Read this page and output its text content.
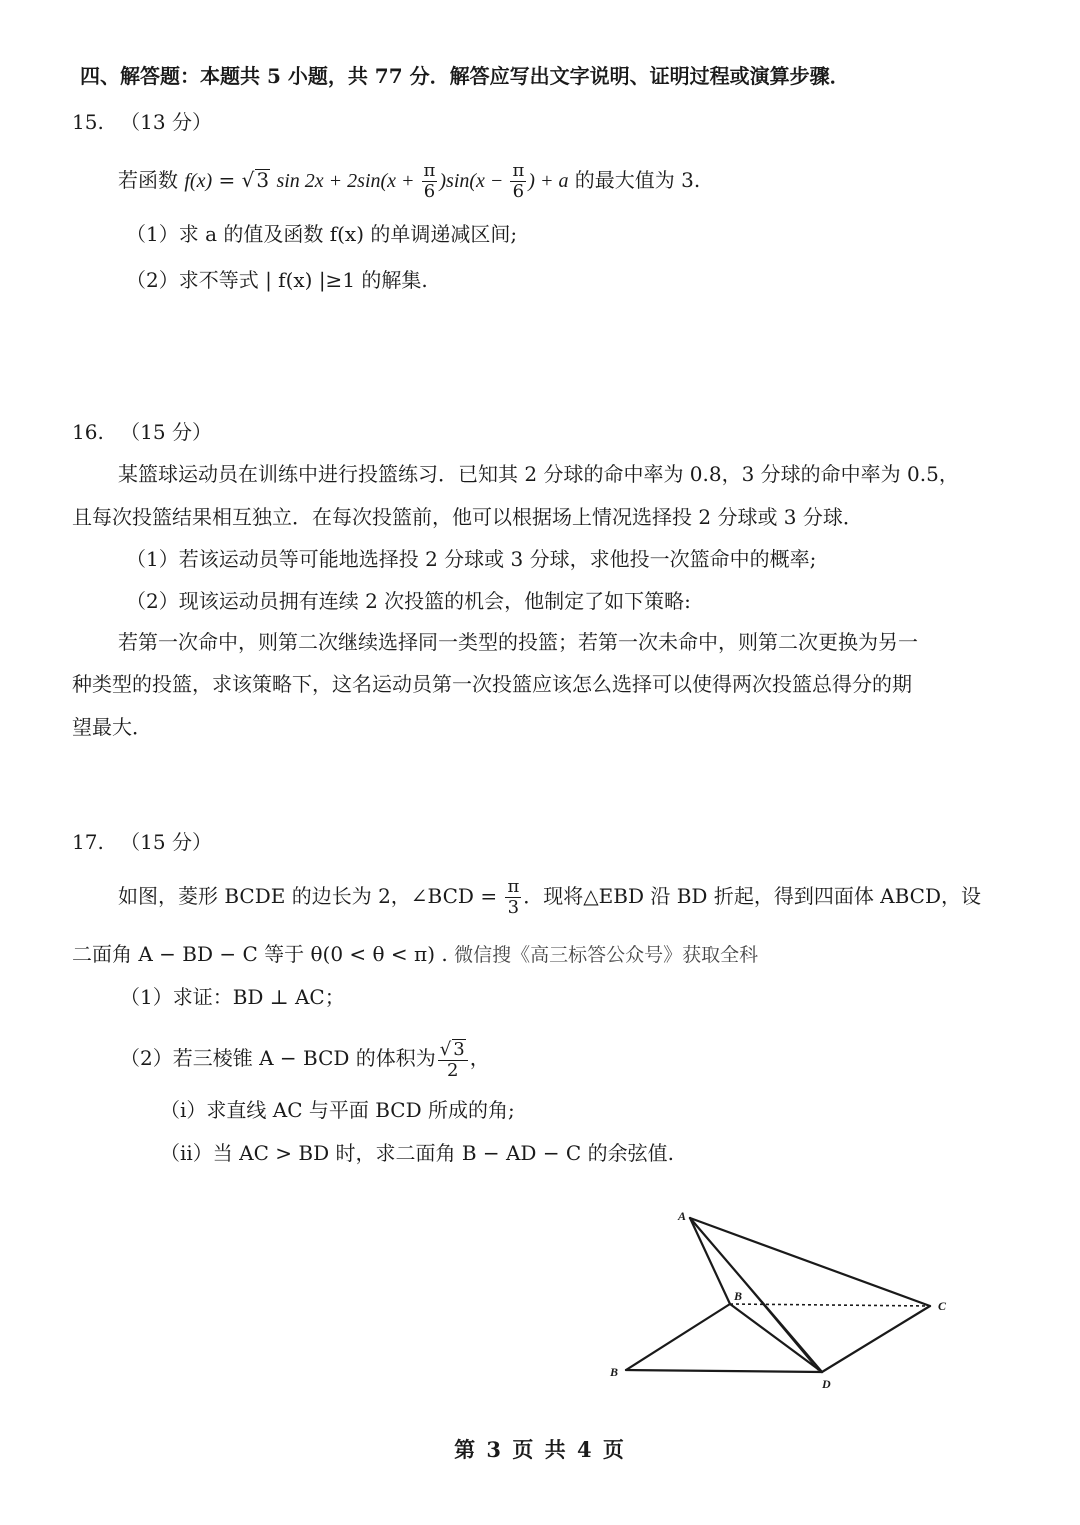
四、解答题：本题共 5 小题，共 77 分．解答应写出文字说明、证明过程或演算步骤．
15. （13 分）
若函数 f(x) = √ 3 $\sin 2x + 2\sin(x + \frac{\pi}{6} )\sin(x - \frac{\pi}{6}$ ) + a 的最大值为 3.
（1）求 a 的值及函数 f(x) 的单调递减区间;
（2）求不等式 | f(x) |≥1 的解集.
16. （15 分）
某篮球运动员在训练中进行投篮练习．已知其 2 分球的命中率为 0.8，3 分球的命中率为 0.5，
且每次投篮结果相互独立．在每次投篮前，他可以根据场上情况选择投 2 分球或 3 分球．
（1）若该运动员等可能地选择投 2 分球或 3 分球，求他投一次篮命中的概率;
（2）现该运动员拥有连续 2 次投篮的机会，他制定了如下策略:
若第一次命中，则第二次继续选择同一类型的投篮；若第一次未命中，则第二次更换为另一
种类型的投篮，求该策略下，这名运动员第一次投篮应该怎么选择可以使得两次投篮总得分的期
望最大．
17. （15 分）
如图，菱形 BCDE 的边长为 2，∠BCD = $\frac{\pi}{3}$ ．现将△EBD 沿 BD 折起，得到四面体 ABCD，设
二面角 A − BD − C 等于 θ(0 < θ < π) . 微信搜《高三标答公众号》获取全科
（1）求证：BD ⊥ AC；
（2）若三棱锥 A − BCD 的体积为 $\frac{√ 3}{2}$ ，
（i）求直线 AC 与平面 BCD 所成的角;
（ii）当 AC > BD 时，求二面角 B − AD − C 的余弦值.
A
B
B
C
D
第 3 页 共 4 页
